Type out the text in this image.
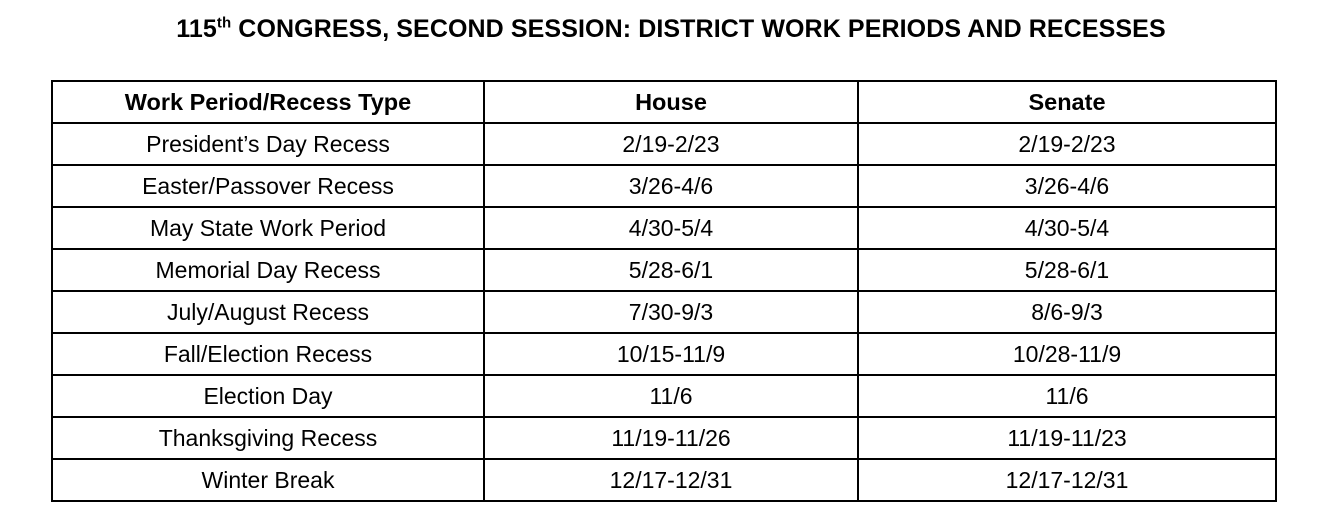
115th CONGRESS, SECOND SESSION: DISTRICT WORK PERIODS AND RECESSES
Work Period/Recess Type	House	Senate
President’s Day Recess	2/19-2/23	2/19-2/23
Easter/Passover Recess	3/26-4/6	3/26-4/6
May State Work Period	4/30-5/4	4/30-5/4
Memorial Day Recess	5/28-6/1	5/28-6/1
July/August Recess	7/30-9/3	8/6-9/3
Fall/Election Recess	10/15-11/9	10/28-11/9
Election Day	11/6	11/6
Thanksgiving Recess	11/19-11/26	11/19-11/23
Winter Break	12/17-12/31	12/17-12/31
